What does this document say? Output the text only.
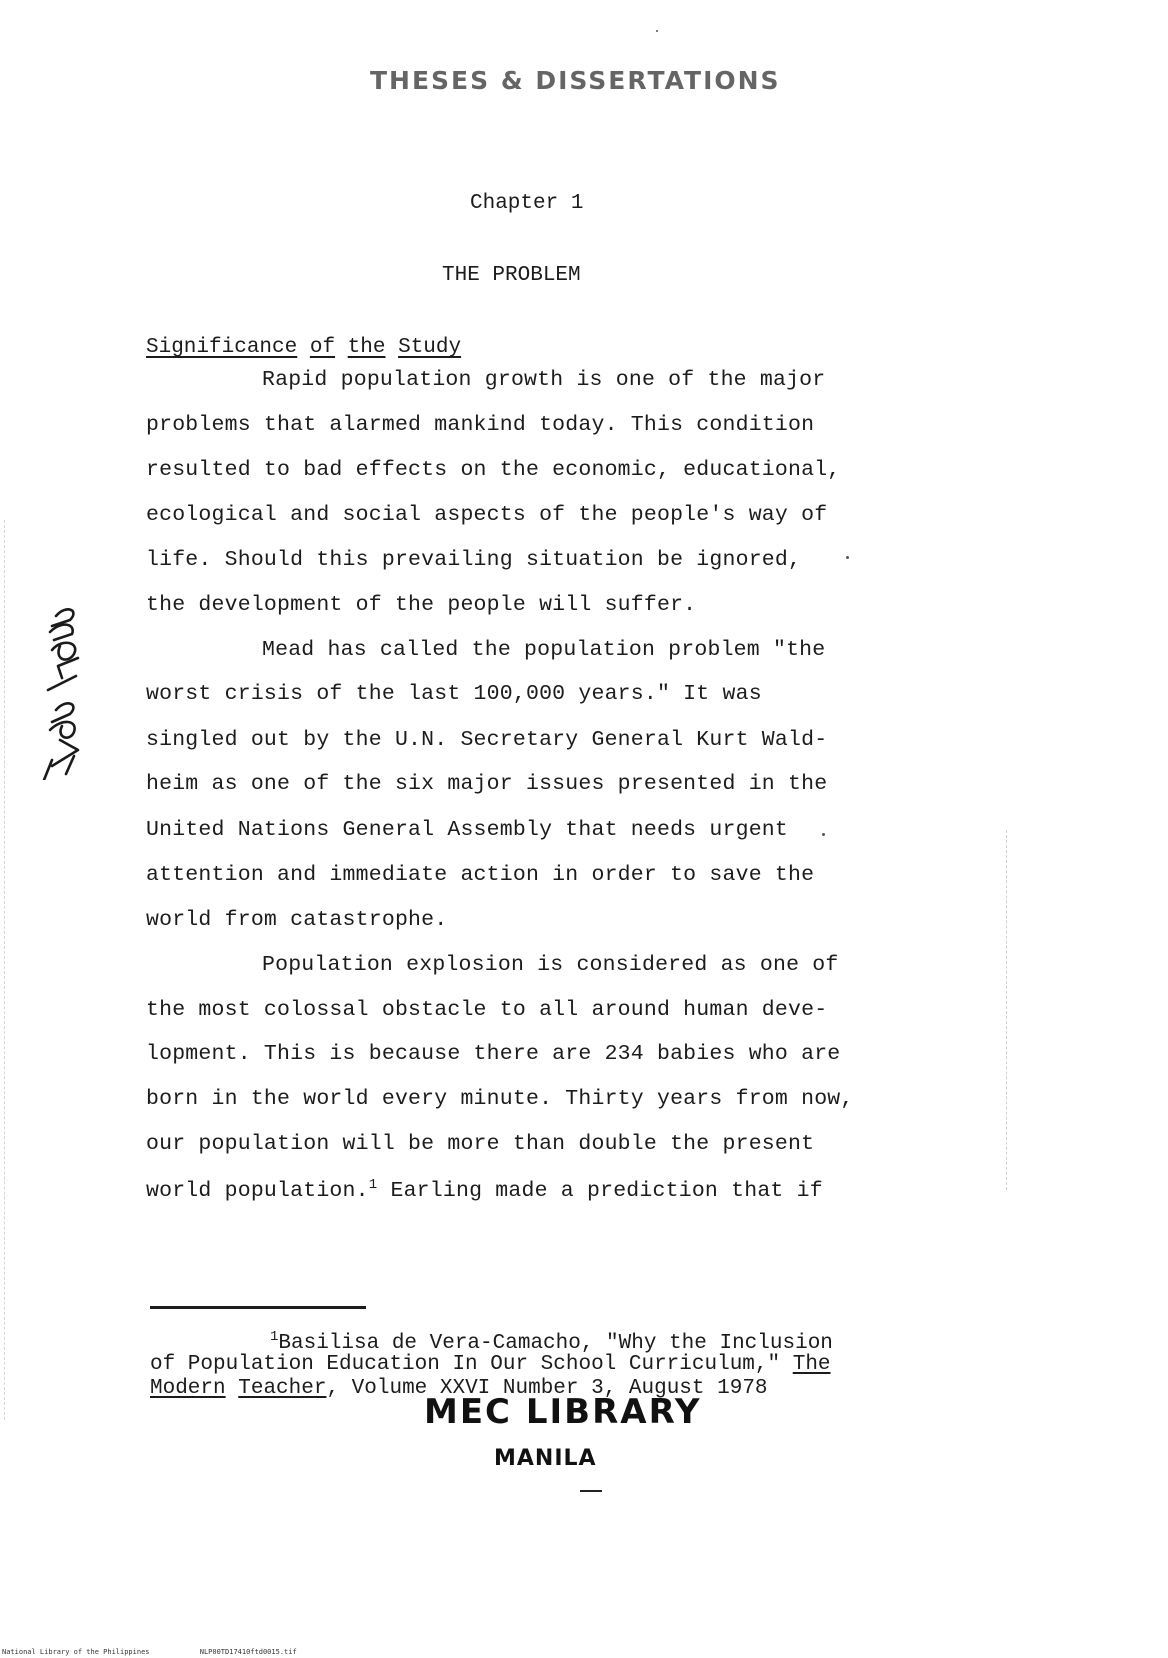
THESES & DISSERTATIONS
Chapter 1
THE PROBLEM
Significance of the Study
Rapid population growth is one of the major
problems that alarmed mankind today. This condition
resulted to bad effects on the economic, educational,
ecological and social aspects of the people's way of
life. Should this prevailing situation be ignored,
the development of the people will suffer.
Mead has called the population problem "the
worst crisis of the last 100,000 years." It was
singled out by the U.N. Secretary General Kurt Wald-
heim as one of the six major issues presented in the
United Nations General Assembly that needs urgent
attention and immediate action in order to save the
world from catastrophe.
Population explosion is considered as one of
the most colossal obstacle to all around human deve-
lopment. This is because there are 234 babies who are
born in the world every minute. Thirty years from now,
our population will be more than double the present
world population.$^1$ Earling made a prediction that if
$^1$Basilisa de Vera-Camacho, "Why the Inclusion
of Population Education In Our School Curriculum," The
Modern Teacher, Volume XXVI Number 3, August 1978
MEC LIBRARY
MANILA
National Library of the Philippines	NLP00TD17410ftd0015.tif
